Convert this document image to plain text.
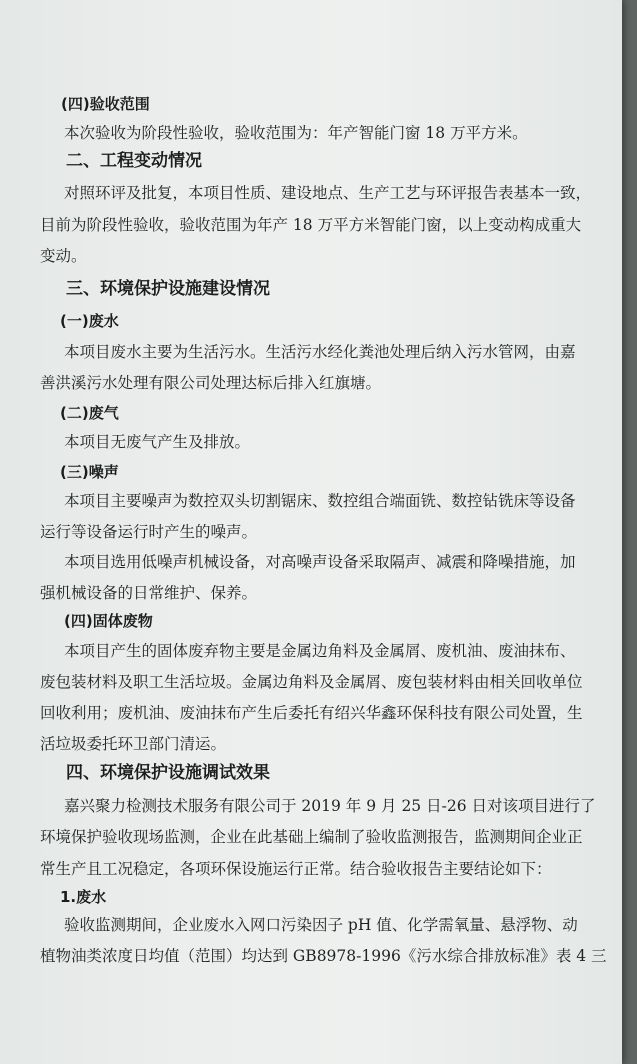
(四)验收范围
本次验收为阶段性验收，验收范围为：年产智能门窗 18 万平方米。
二、工程变动情况
对照环评及批复，本项目性质、建设地点、生产工艺与环评报告表基本一致，
目前为阶段性验收，验收范围为年产 18 万平方米智能门窗，以上变动构成重大
变动。
三、环境保护设施建设情况
(一)废水
本项目废水主要为生活污水。生活污水经化粪池处理后纳入污水管网，由嘉
善洪溪污水处理有限公司处理达标后排入红旗塘。
(二)废气
本项目无废气产生及排放。
(三)噪声
本项目主要噪声为数控双头切割锯床、数控组合端面铣、数控钻铣床等设备
运行等设备运行时产生的噪声。
本项目选用低噪声机械设备，对高噪声设备采取隔声、减震和降噪措施，加
强机械设备的日常维护、保养。
(四)固体废物
本项目产生的固体废弃物主要是金属边角料及金属屑、废机油、废油抹布、
废包装材料及职工生活垃圾。金属边角料及金属屑、废包装材料由相关回收单位
回收利用；废机油、废油抹布产生后委托有绍兴华鑫环保科技有限公司处置，生
活垃圾委托环卫部门清运。
四、环境保护设施调试效果
嘉兴聚力检测技术服务有限公司于 2019 年 9 月 25 日-26 日对该项目进行了
环境保护验收现场监测，企业在此基础上编制了验收监测报告，监测期间企业正
常生产且工况稳定，各项环保设施运行正常。结合验收报告主要结论如下：
1.废水
验收监测期间，企业废水入网口污染因子 pH 值、化学需氧量、悬浮物、动
植物油类浓度日均值（范围）均达到 GB8978-1996《污水综合排放标准》表 4 三
